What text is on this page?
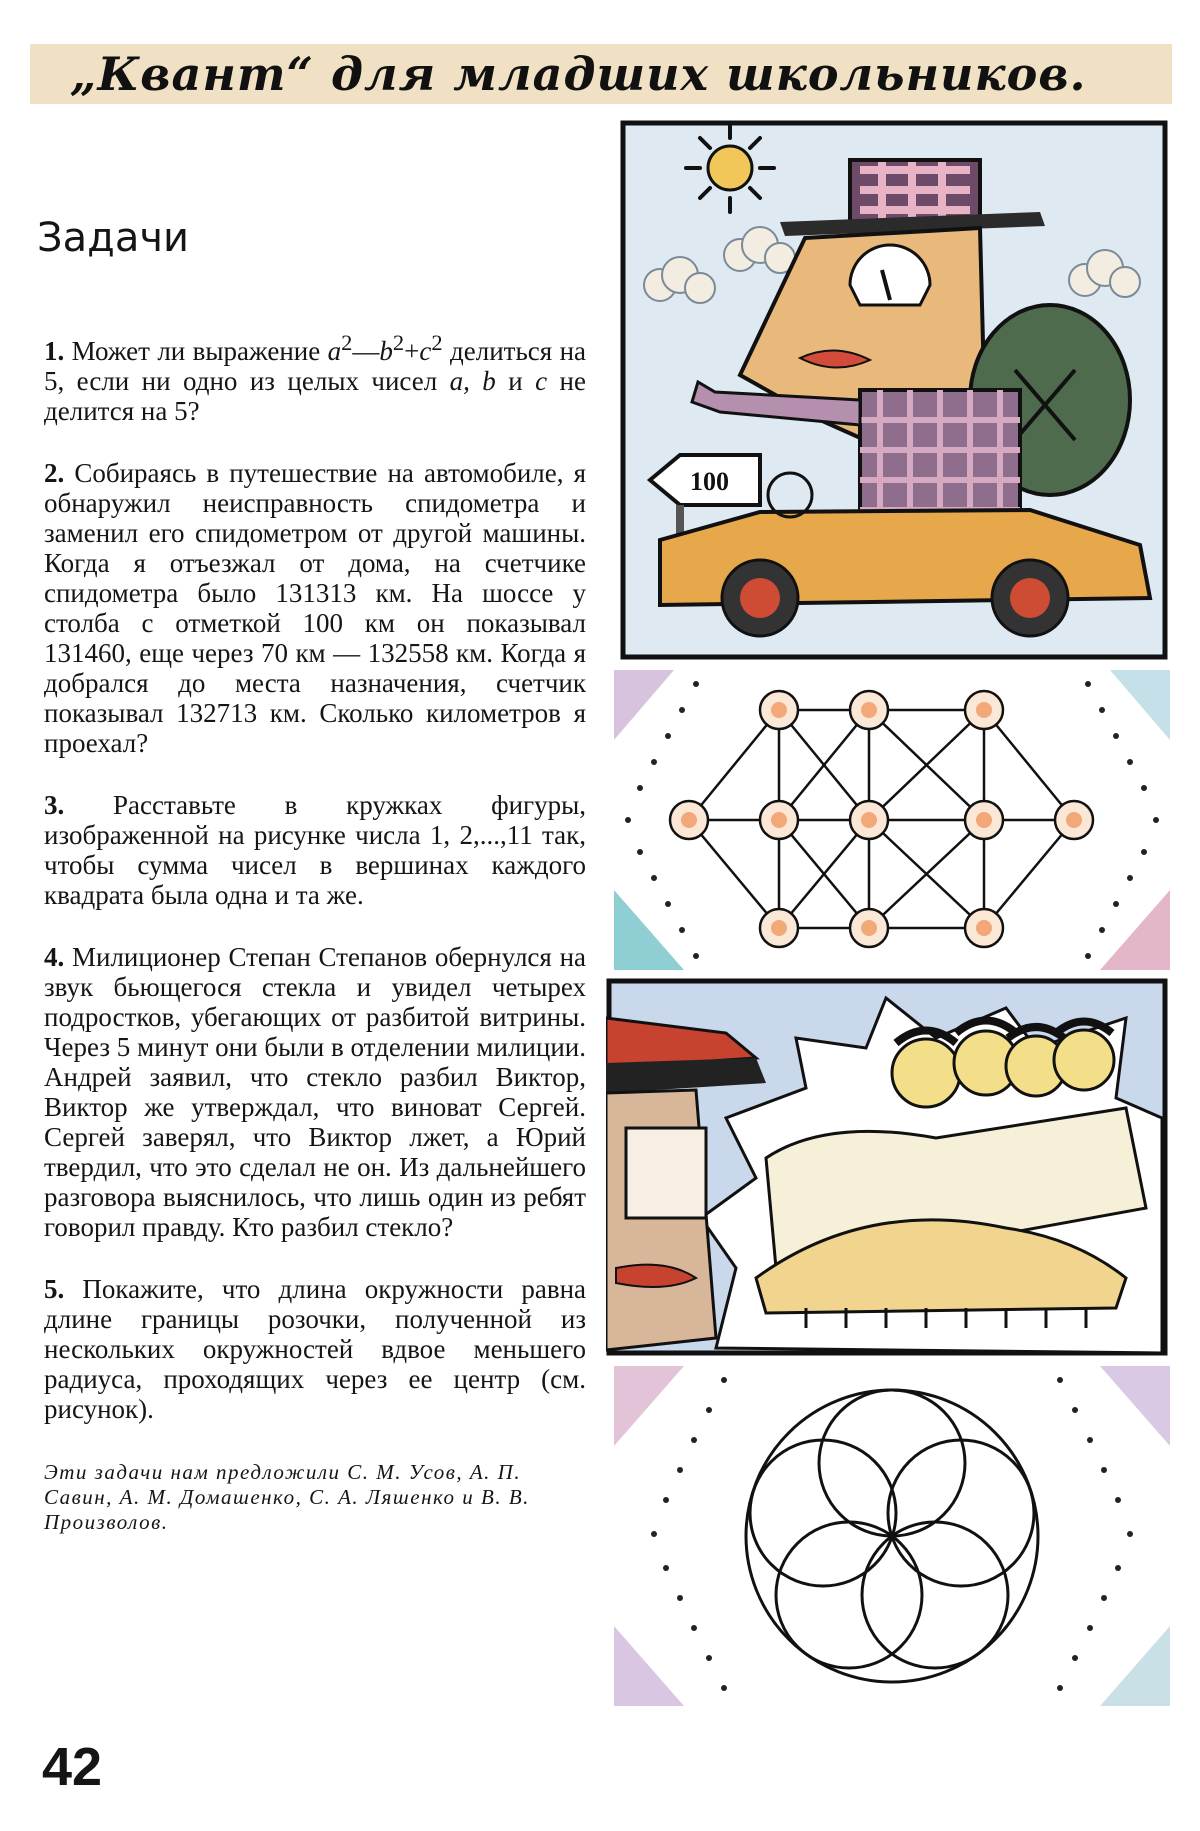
„Квант“ для младших школьников.
Задачи

1. Может ли выражение $a^2—b^2+c^2$ делиться на 5, если ни одно из целых чисел a, b и c не делится на 5?

2. Собираясь в путешествие на автомобиле, я обнаружил неисправность спидометра и заменил его спидометром от другой машины. Когда я отъезжал от дома, на счетчике спидометра было 131313 км. На шоссе у столба с отметкой 100 км он показывал 131460, еще через 70 км — 132558 км. Когда я добрался до места назначения, счетчик показывал 132713 км. Сколько километров я проехал?

3. Расставьте в кружках фигуры, изображенной на рисунке числа 1, 2,...,11 так, чтобы сумма чисел в вершинах каждого квадрата была одна и та же.

4. Милиционер Степан Степанов обернулся на звук бьющегося стекла и увидел четырех подростков, убегающих от разбитой витрины. Через 5 минут они были в отделении милиции. Андрей заявил, что стекло разбил Виктор, Виктор же утверждал, что виноват Сергей. Сергей заверял, что Виктор лжет, а Юрий твердил, что это сделал не он. Из дальнейшего разговора выяснилось, что лишь один из ребят говорил правду. Кто разбил стекло?

5. Покажите, что длина окружности равна длине границы розочки, полученной из нескольких окружностей вдвое меньшего радиуса, проходящих через ее центр (см. рисунок).

Эти задачи нам предложили С. М. Усов, А. П. Савин, А. М. Домашенко, С. А. Ляшенко и В. В. Произволов.
100
42
